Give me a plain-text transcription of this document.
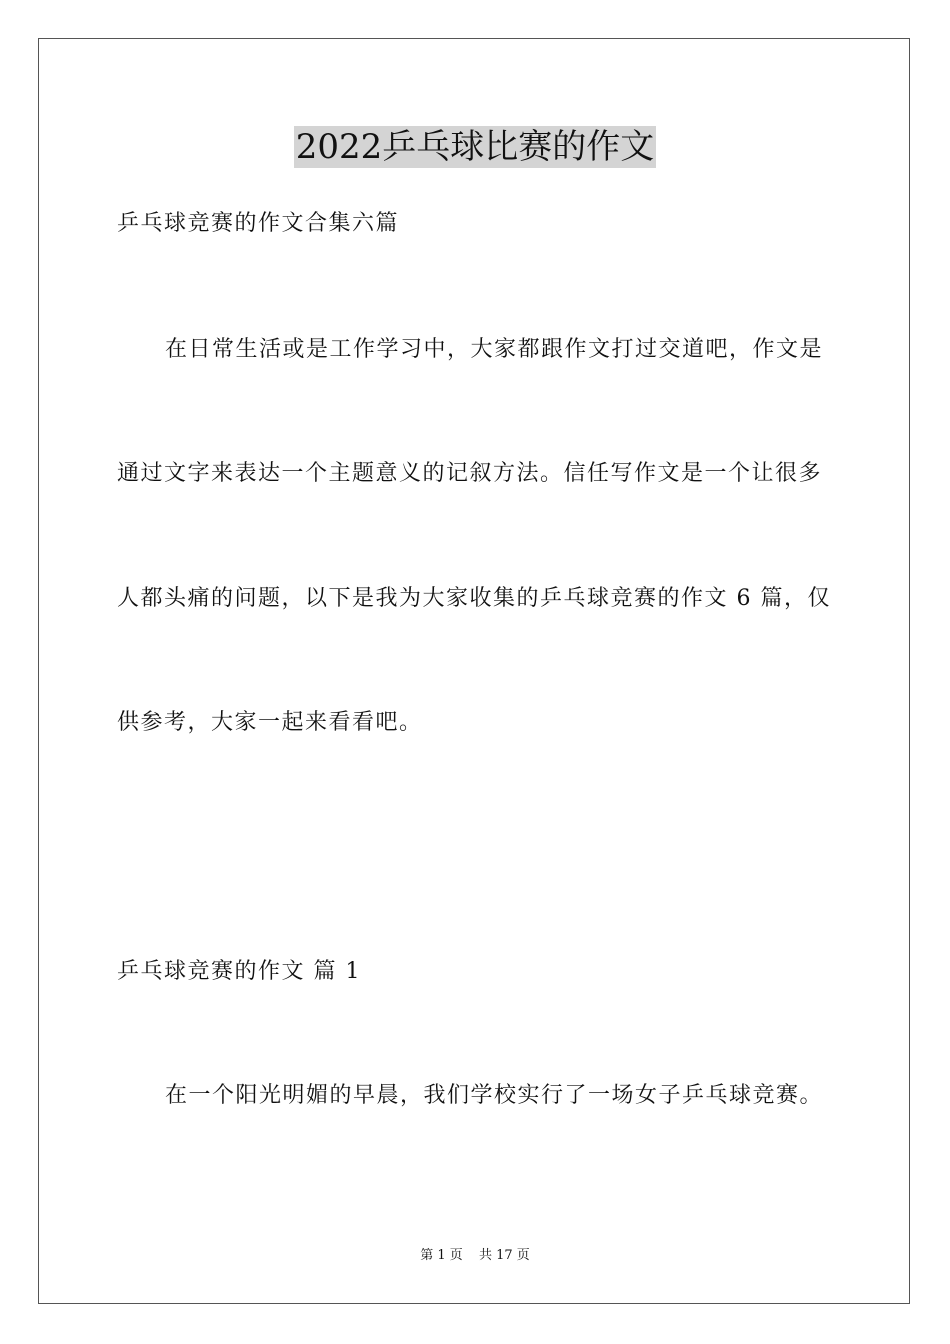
2022乒乓球比赛的作文
乒乓球竞赛的作文合集六篇
在日常生活或是工作学习中，大家都跟作文打过交道吧，作文是
通过文字来表达一个主题意义的记叙方法。信任写作文是一个让很多
人都头痛的问题，以下是我为大家收集的乒乓球竞赛的作文 6 篇，仅
供参考，大家一起来看看吧。
乒乓球竞赛的作文 篇 1
在一个阳光明媚的早晨，我们学校实行了一场女子乒乓球竞赛。
第 1 页 共 17 页
